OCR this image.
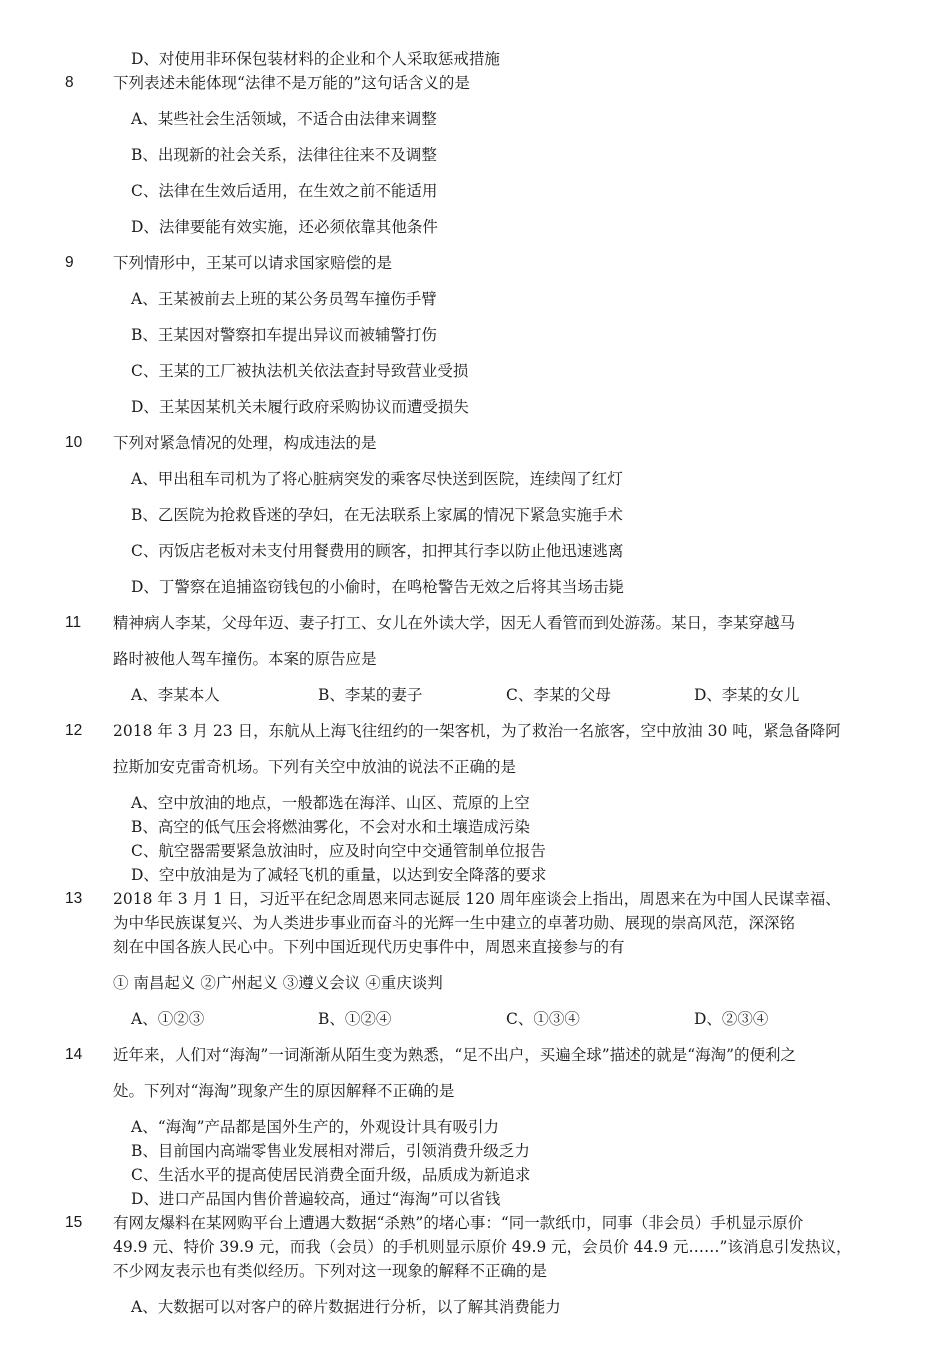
D、对使用非环保包装材料的企业和个人采取惩戒措施
8	下列表述未能体现“法律不是万能的”这句话含义的是
A、某些社会生活领域，不适合由法律来调整
B、出现新的社会关系，法律往往来不及调整
C、法律在生效后适用，在生效之前不能适用
D、法律要能有效实施，还必须依靠其他条件
9	下列情形中，王某可以请求国家赔偿的是
A、王某被前去上班的某公务员驾车撞伤手臂
B、王某因对警察扣车提出异议而被辅警打伤
C、王某的工厂被执法机关依法查封导致营业受损
D、王某因某机关未履行政府采购协议而遭受损失
10	下列对紧急情况的处理，构成违法的是
A、甲出租车司机为了将心脏病突发的乘客尽快送到医院，连续闯了红灯
B、乙医院为抢救昏迷的孕妇，在无法联系上家属的情况下紧急实施手术
C、丙饭店老板对未支付用餐费用的顾客，扣押其行李以防止他迅速逃离
D、丁警察在追捕盗窃钱包的小偷时，在鸣枪警告无效之后将其当场击毙
11	精神病人李某，父母年迈、妻子打工、女儿在外读大学，因无人看管而到处游荡。某日，李某穿越马
路时被他人驾车撞伤。本案的原告应是
A、李某本人	B、李某的妻子	C、李某的父母	D、李某的女儿
12	2018 年 3 月 23 日，东航从上海飞往纽约的一架客机，为了救治一名旅客，空中放油 30 吨，紧急备降阿
拉斯加安克雷奇机场。下列有关空中放油的说法不正确的是
A、空中放油的地点，一般都选在海洋、山区、荒原的上空
B、高空的低气压会将燃油雾化，不会对水和土壤造成污染
C、航空器需要紧急放油时，应及时向空中交通管制单位报告
D、空中放油是为了减轻飞机的重量，以达到安全降落的要求
13	2018 年 3 月 1 日，习近平在纪念周恩来同志诞辰 120 周年座谈会上指出，周恩来在为中国人民谋幸福、
为中华民族谋复兴、为人类进步事业而奋斗的光辉一生中建立的卓著功勋、展现的崇高风范，深深铭
刻在中国各族人民心中。下列中国近现代历史事件中，周恩来直接参与的有
① 南昌起义 ②广州起义 ③遵义会议 ④重庆谈判
A、①②③	B、①②④	C、①③④	D、②③④
14	近年来，人们对“海淘”一词渐渐从陌生变为熟悉，“足不出户，买遍全球”描述的就是“海淘”的便利之
处。下列对“海淘”现象产生的原因解释不正确的是
A、“海淘”产品都是国外生产的，外观设计具有吸引力
B、目前国内高端零售业发展相对滞后，引领消费升级乏力
C、生活水平的提高使居民消费全面升级，品质成为新追求
D、进口产品国内售价普遍较高，通过“海淘”可以省钱
15	有网友爆料在某网购平台上遭遇大数据“杀熟”的堵心事：“同一款纸巾，同事（非会员）手机显示原价
49.9 元、特价 39.9 元，而我（会员）的手机则显示原价 49.9 元，会员价 44.9 元……”该消息引发热议，
不少网友表示也有类似经历。下列对这一现象的解释不正确的是
A、大数据可以对客户的碎片数据进行分析，以了解其消费能力
